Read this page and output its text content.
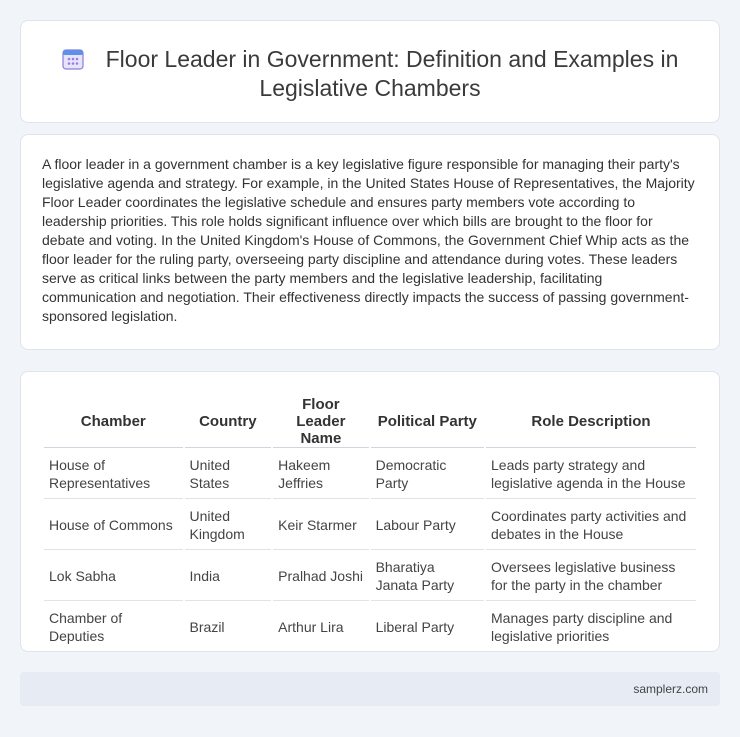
Floor Leader in Government: Definition and Examples in Legislative Chambers

A floor leader in a government chamber is a key legislative figure responsible for managing their party's legislative agenda and strategy. For example, in the United States House of Representatives, the Majority Floor Leader coordinates the legislative schedule and ensures party members vote according to leadership priorities. This role holds significant influence over which bills are brought to the floor for debate and voting. In the United Kingdom's House of Commons, the Government Chief Whip acts as the floor leader for the ruling party, overseeing party discipline and attendance during votes. These leaders serve as critical links between the party members and the legislative leadership, facilitating communication and negotiation. Their effectiveness directly impacts the success of passing government-sponsored legislation.

Chamber	Country	Floor Leader Name	Political Party	Role Description
House of Representatives	United States	Hakeem Jeffries	Democratic Party	Leads party strategy and legislative agenda in the House
House of Commons	United Kingdom	Keir Starmer	Labour Party	Coordinates party activities and debates in the House
Lok Sabha	India	Pralhad Joshi	Bharatiya Janata Party	Oversees legislative business for the party in the chamber
Chamber of Deputies	Brazil	Arthur Lira	Liberal Party	Manages party discipline and legislative priorities
samplerz.com
